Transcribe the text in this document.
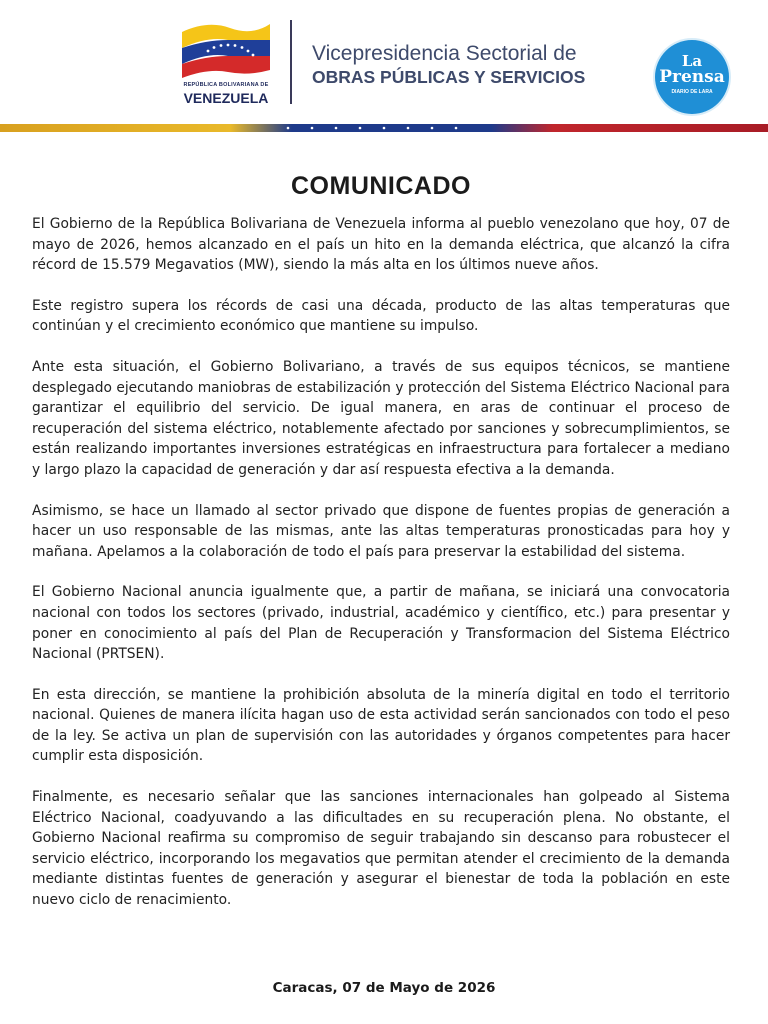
REPÚBLICA BOLIVARIANA DE
VENEZUELA
Vicepresidencia Sectorial de
OBRAS PÚBLICAS Y SERVICIOS
La
Prensa
DIARIO DE LARA
COMUNICADO

El Gobierno de la República Bolivariana de Venezuela informa al pueblo venezolano que hoy, 07 de mayo de 2026, hemos alcanzado en el país un hito en la demanda eléctrica, que alcanzó la cifra récord de 15.579 Megavatios (MW), siendo la más alta en los últimos nueve años.

Este registro supera los récords de casi una década, producto de las altas temperaturas que continúan y el crecimiento económico que mantiene su impulso.

Ante esta situación, el Gobierno Bolivariano, a través de sus equipos técnicos, se mantiene desplegado ejecutando maniobras de estabilización y protección del Sistema Eléctrico Nacional para garantizar el equilibrio del servicio. De igual manera, en aras de continuar el proceso de recuperación del sistema eléctrico, notablemente afectado por sanciones y sobrecumplimientos, se están realizando importantes inversiones estratégicas en infraestructura para fortalecer a mediano y largo plazo la capacidad de generación y dar así respuesta efectiva a la demanda.

Asimismo, se hace un llamado al sector privado que dispone de fuentes propias de generación a hacer un uso responsable de las mismas, ante las altas temperaturas pronosticadas para hoy y mañana. Apelamos a la colaboración de todo el país para preservar la estabilidad del sistema.

El Gobierno Nacional anuncia igualmente que, a partir de mañana, se iniciará una convocatoria nacional con todos los sectores (privado, industrial, académico y científico, etc.) para presentar y poner en conocimiento al país del Plan de Recuperación y Transformacion del Sistema Eléctrico Nacional (PRTSEN).

En esta dirección, se mantiene la prohibición absoluta de la minería digital en todo el territorio nacional. Quienes de manera ilícita hagan uso de esta actividad serán sancionados con todo el peso de la ley. Se activa un plan de supervisión con las autoridades y órganos competentes para hacer cumplir esta disposición.

Finalmente, es necesario señalar que las sanciones internacionales han golpeado al Sistema Eléctrico Nacional, coadyuvando a las dificultades en su recuperación plena. No obstante, el Gobierno Nacional reafirma su compromiso de seguir trabajando sin descanso para robustecer el servicio eléctrico, incorporando los megavatios que permitan atender el crecimiento de la demanda mediante distintas fuentes de generación y asegurar el bienestar de toda la población en este nuevo ciclo de renacimiento.

Caracas, 07 de Mayo de 2026
